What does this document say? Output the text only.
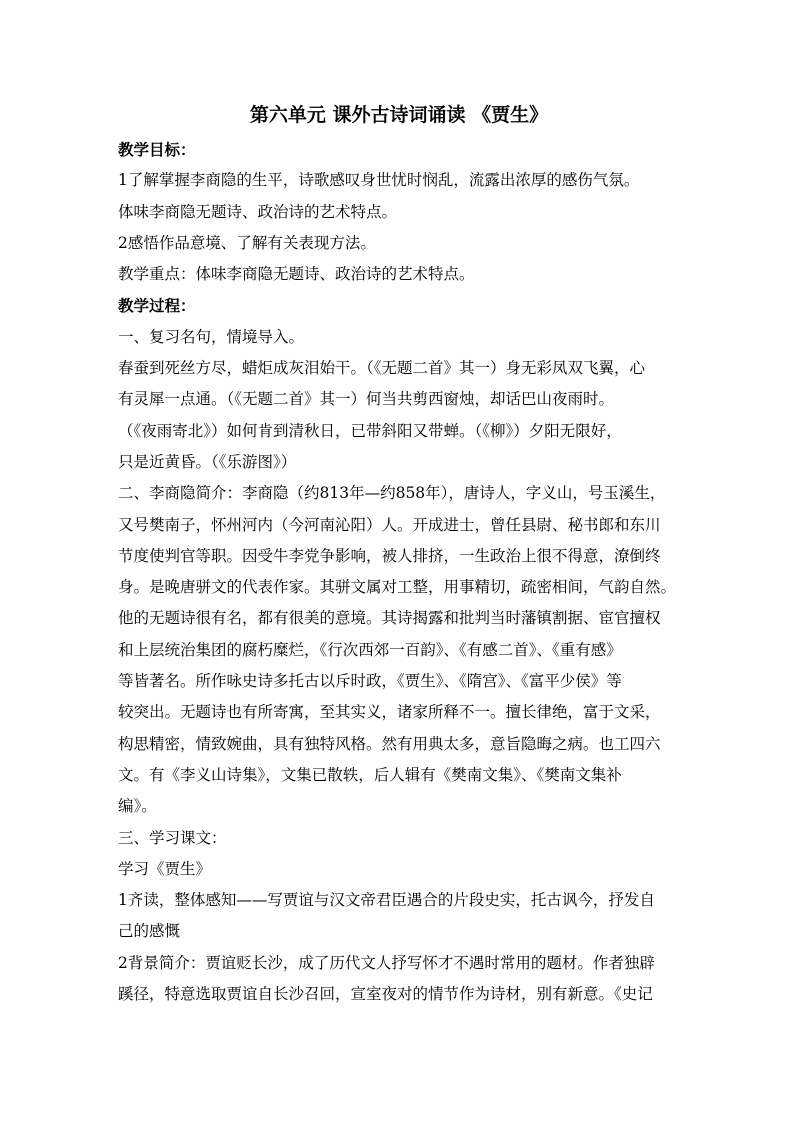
第六单元 课外古诗词诵读 《贾生》

教学目标：

1了解掌握李商隐的生平，诗歌感叹身世忧时悯乱，流露出浓厚的感伤气氛。

体味李商隐无题诗、政治诗的艺术特点。

2感悟作品意境、了解有关表现方法。

教学重点：体味李商隐无题诗、政治诗的艺术特点。

教学过程：

一、复习名句，情境导入。

春蚕到死丝方尽，蜡炬成灰泪始干。（《无题二首》其一）身无彩凤双飞翼，心

有灵犀一点通。（《无题二首》其一）何当共剪西窗烛，却话巴山夜雨时。

（《夜雨寄北》）如何肯到清秋日，已带斜阳又带蝉。（《柳》）夕阳无限好，

只是近黄昏。（《乐游图》）

二、李商隐简介：李商隐（约813年—约858年），唐诗人，字义山，号玉溪生，

又号樊南子，怀州河内（今河南沁阳）人。开成进士，曾任县尉、秘书郎和东川

节度使判官等职。因受牛李党争影响，被人排挤，一生政治上很不得意，潦倒终

身。是晚唐骈文的代表作家。其骈文属对工整，用事精切，疏密相间，气韵自然。

他的无题诗很有名，都有很美的意境。其诗揭露和批判当时藩镇割据、宦官擅权

和上层统治集团的腐朽糜烂，《行次西郊一百韵》、《有感二首》、《重有感》

等皆著名。所作咏史诗多托古以斥时政，《贾生》、《隋宫》、《富平少侯》等

较突出。无题诗也有所寄寓，至其实义，诸家所释不一。擅长律绝，富于文采，

构思精密，情致婉曲，具有独特风格。然有用典太多，意旨隐晦之病。也工四六

文。有《李义山诗集》，文集已散轶，后人辑有《樊南文集》、《樊南文集补

编》。

三、学习课文：

学习《贾生》

1齐读，整体感知——写贾谊与汉文帝君臣遇合的片段史实，托古讽今，抒发自

己的感慨

2背景简介：贾谊贬长沙，成了历代文人抒写怀才不遇时常用的题材。作者独辟

蹊径，特意选取贾谊自长沙召回，宣室夜对的情节作为诗材，别有新意。《史记
